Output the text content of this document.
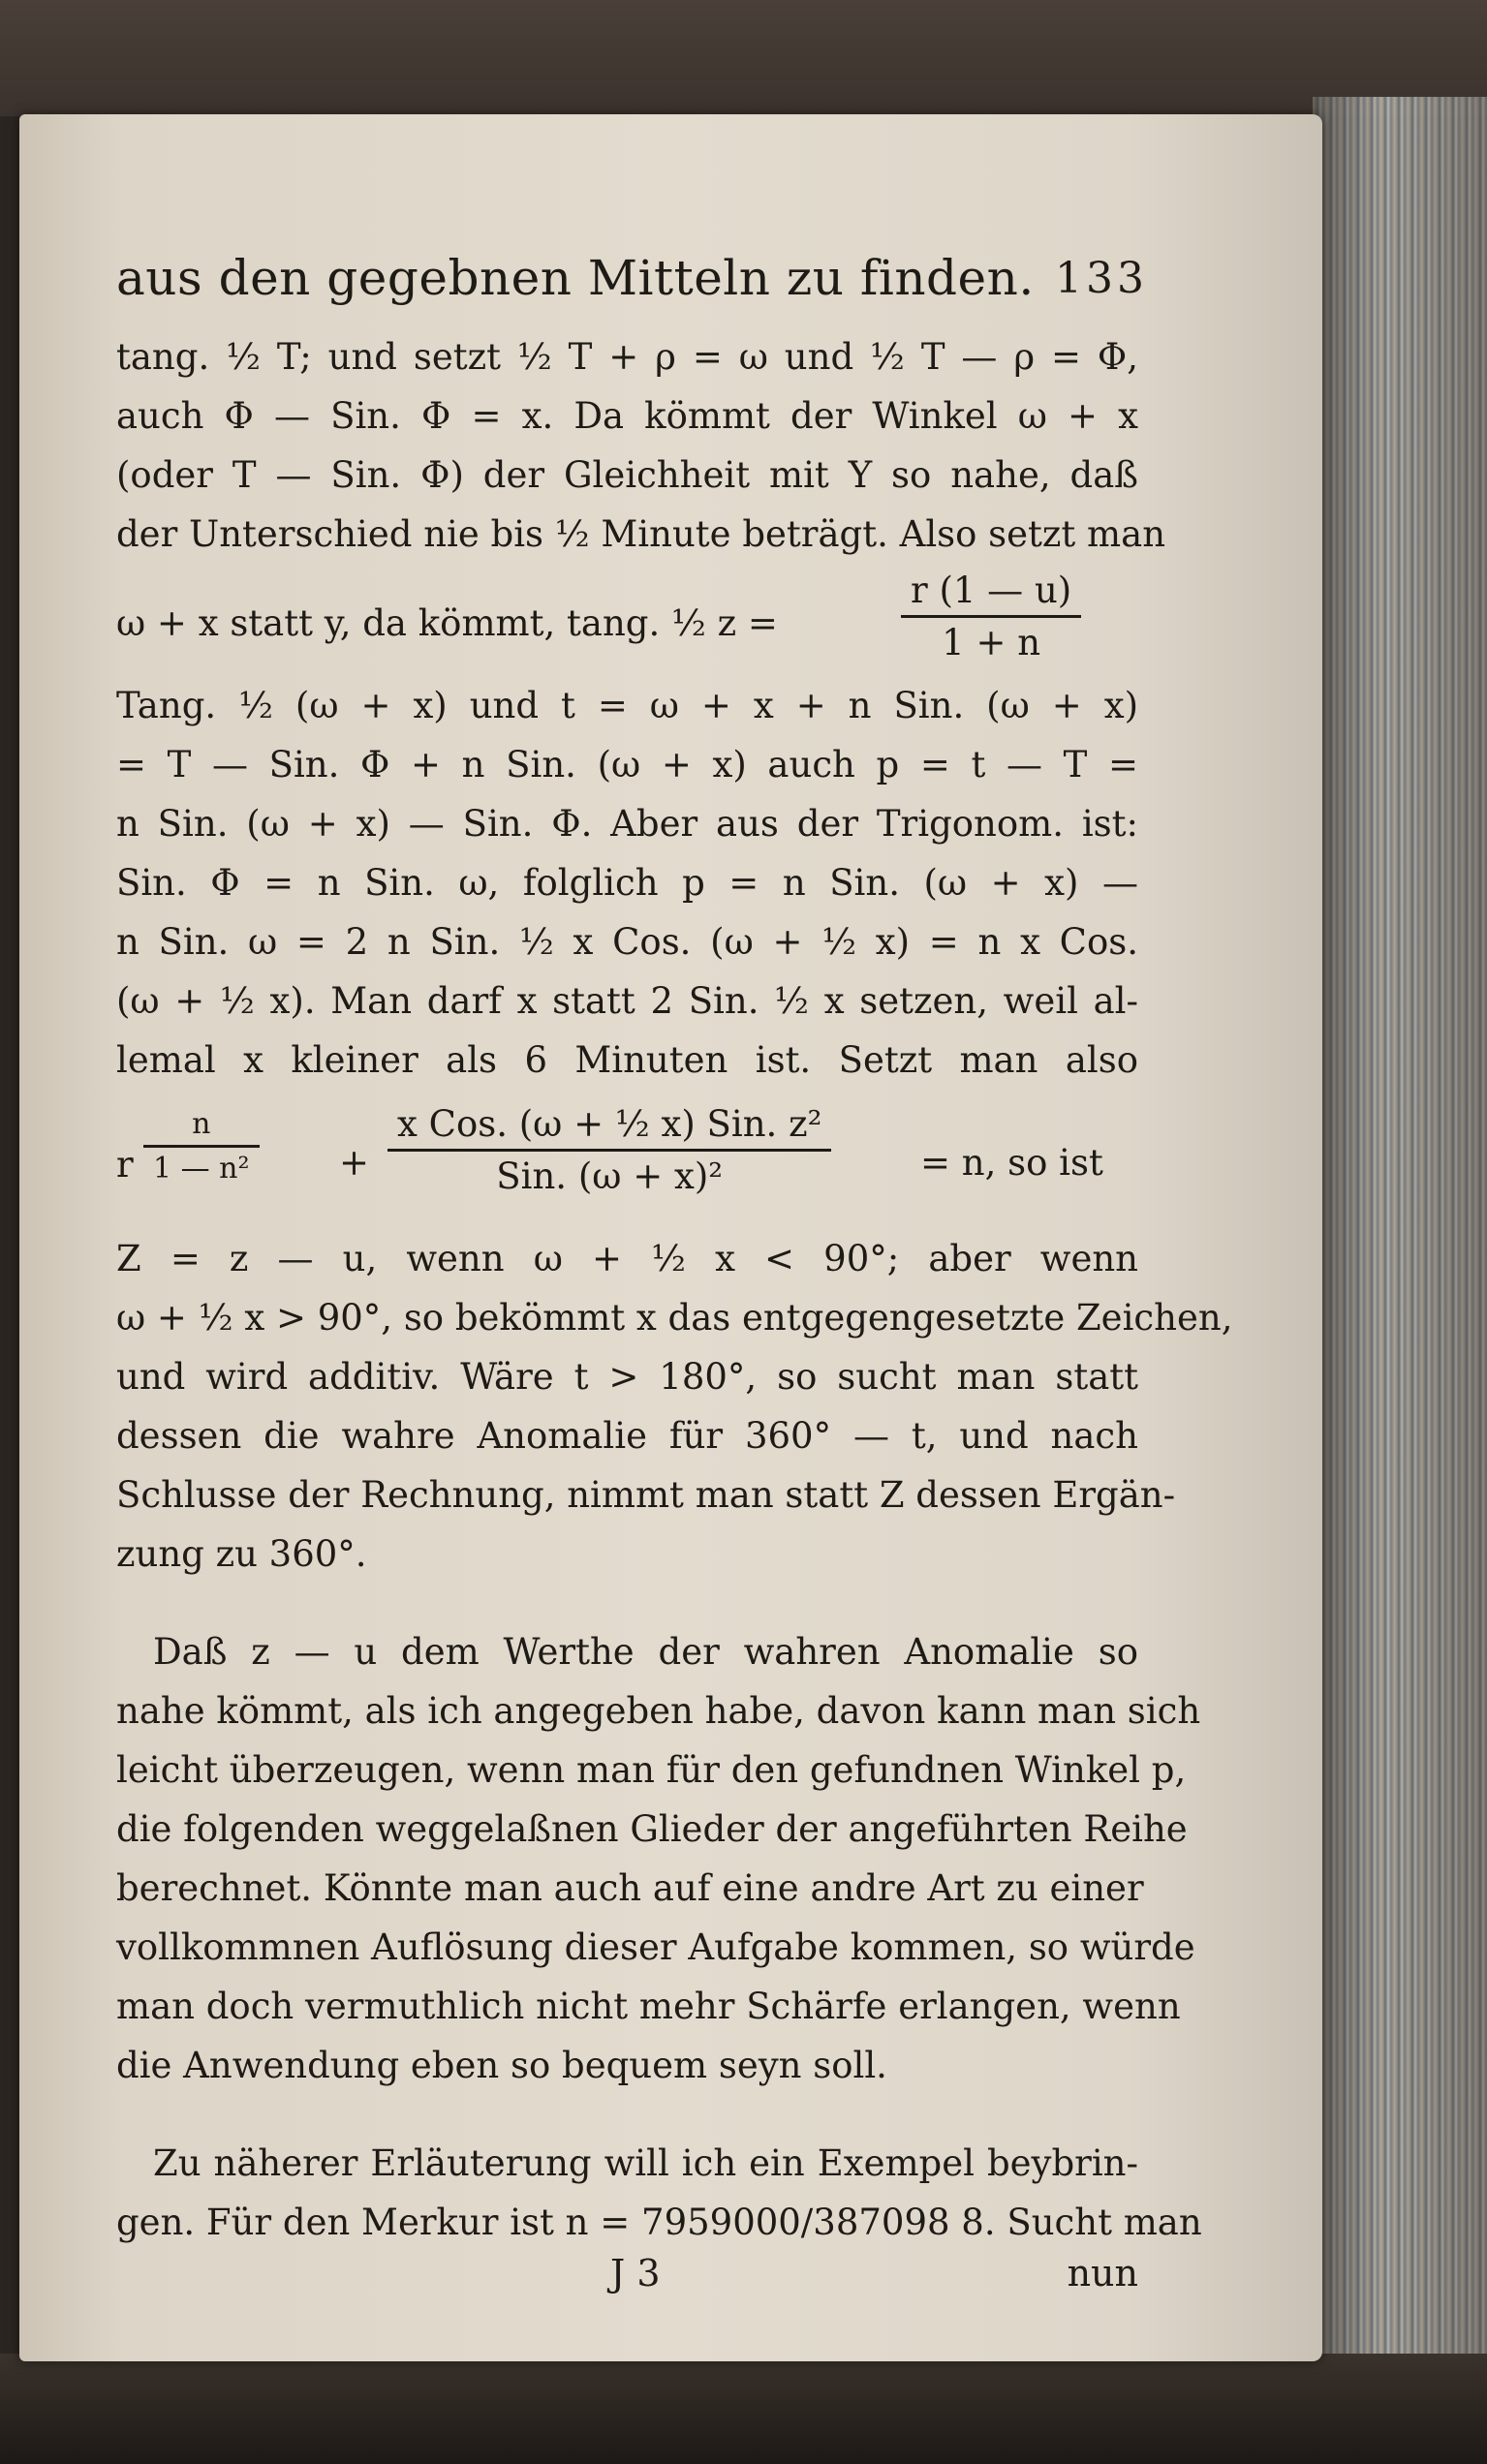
aus den gegebnen Mitteln zu finden. 133
tang. ½ T; und setzt ½ T + ρ = ω und ½ T — ρ = Φ,
auch Φ — Sin. Φ = x. Da kömmt der Winkel ω + x
(oder T — Sin. Φ) der Gleichheit mit Y so nahe, daß
der Unterschied nie bis ½ Minute beträgt. Also setzt man
ω + x statt y, da kömmt, tang. ½ z =	$\frac{r (1 — u)}{1 + n}$
Tang. ½ (ω + x) und t = ω + x + n Sin. (ω + x)
= T — Sin. Φ + n Sin. (ω + x) auch p = t — T =
n Sin. (ω + x) — Sin. Φ. Aber aus der Trigonom. ist:
Sin. Φ = n Sin. ω, folglich p = n Sin. (ω + x) —
n Sin. ω = 2 n Sin. ½ x Cos. (ω + ½ x) = n x Cos.
(ω + ½ x). Man darf x statt 2 Sin. ½ x setzen, weil al-
lemal x kleiner als 6 Minuten ist. Setzt man also
r $\frac{n}{\text{1 — n²}}$ +
x Cos. (ω + ½ x) Sin. z²
Sin. (ω + x)²	= n, so ist
Z = z — u, wenn ω + ½ x < 90°; aber wenn
ω + ½ x > 90°, so bekömmt x das entgegengesetzte Zeichen,
und wird additiv. Wäre t > 180°, so sucht man statt
dessen die wahre Anomalie für 360° — t, und nach
Schlusse der Rechnung, nimmt man statt Z dessen Ergän-
zung zu 360°.
Daß z — u dem Werthe der wahren Anomalie so
nahe kömmt, als ich angegeben habe, davon kann man sich
leicht überzeugen, wenn man für den gefundnen Winkel p,
die folgenden weggelaßnen Glieder der angeführten Reihe
berechnet. Könnte man auch auf eine andre Art zu einer
vollkommnen Auflösung dieser Aufgabe kommen, so würde
man doch vermuthlich nicht mehr Schärfe erlangen, wenn
die Anwendung eben so bequem seyn soll.
Zu näherer Erläuterung will ich ein Exempel beybrin-
gen. Für den Merkur ist n = 7959000/387098 8. Sucht man
J 3	nun
